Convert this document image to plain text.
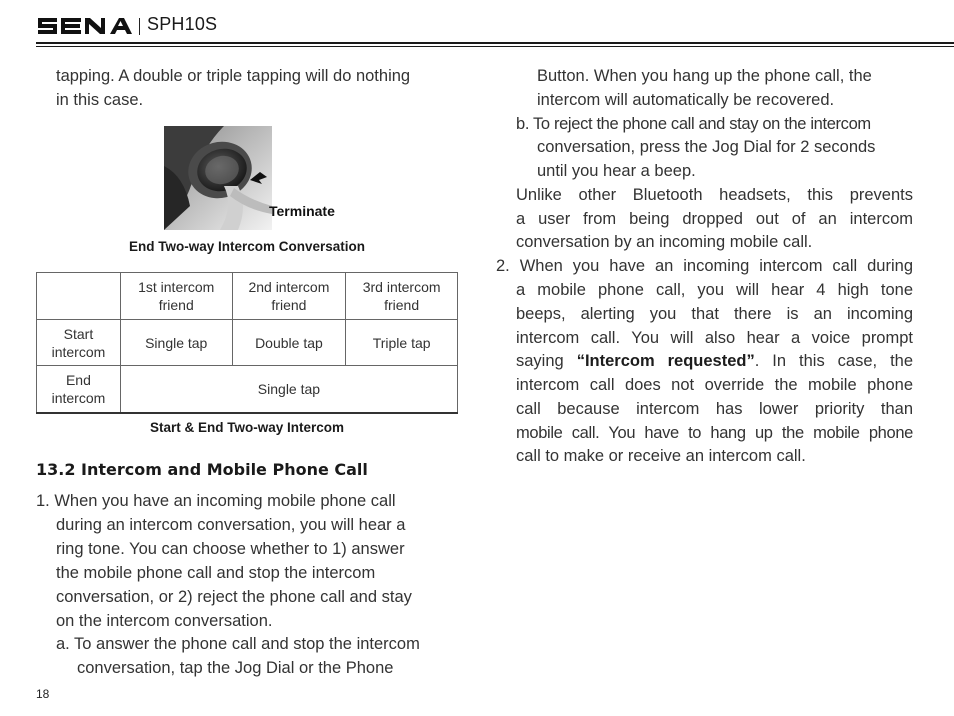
SPH10S
tapping. A double or triple tapping will do nothing
in this case.
Terminate
End Two-way Intercom Conversation
	1st intercom friend	2nd intercom friend	3rd intercom friend
Start intercom	Single tap	Double tap	Triple tap
End intercom	Single tap		
Start & End Two-way Intercom
13.2 Intercom and Mobile Phone Call
1. When you have an incoming mobile phone call
during an intercom conversation, you will hear a
ring tone. You can choose whether to 1) answer
the mobile phone call and stop the intercom
conversation, or 2) reject the phone call and stay
on the intercom conversation.
a. To answer the phone call and stop the intercom
conversation, tap the Jog Dial or the Phone
Button. When you hang up the phone call, the
intercom will automatically be recovered.
b. To reject the phone call and stay on the intercom
conversation, press the Jog Dial for 2 seconds
until you hear a beep.
Unlike other Bluetooth headsets, this prevents
a user from being dropped out of an intercom
conversation by an incoming mobile call.
2. When you have an incoming intercom call during
a mobile phone call, you will hear 4 high tone
beeps, alerting you that there is an incoming
intercom call. You will also hear a voice prompt
saying “Intercom requested”. In this case, the
intercom call does not override the mobile phone
call because intercom has lower priority than
mobile call. You have to hang up the mobile phone
call to make or receive an intercom call.
18
